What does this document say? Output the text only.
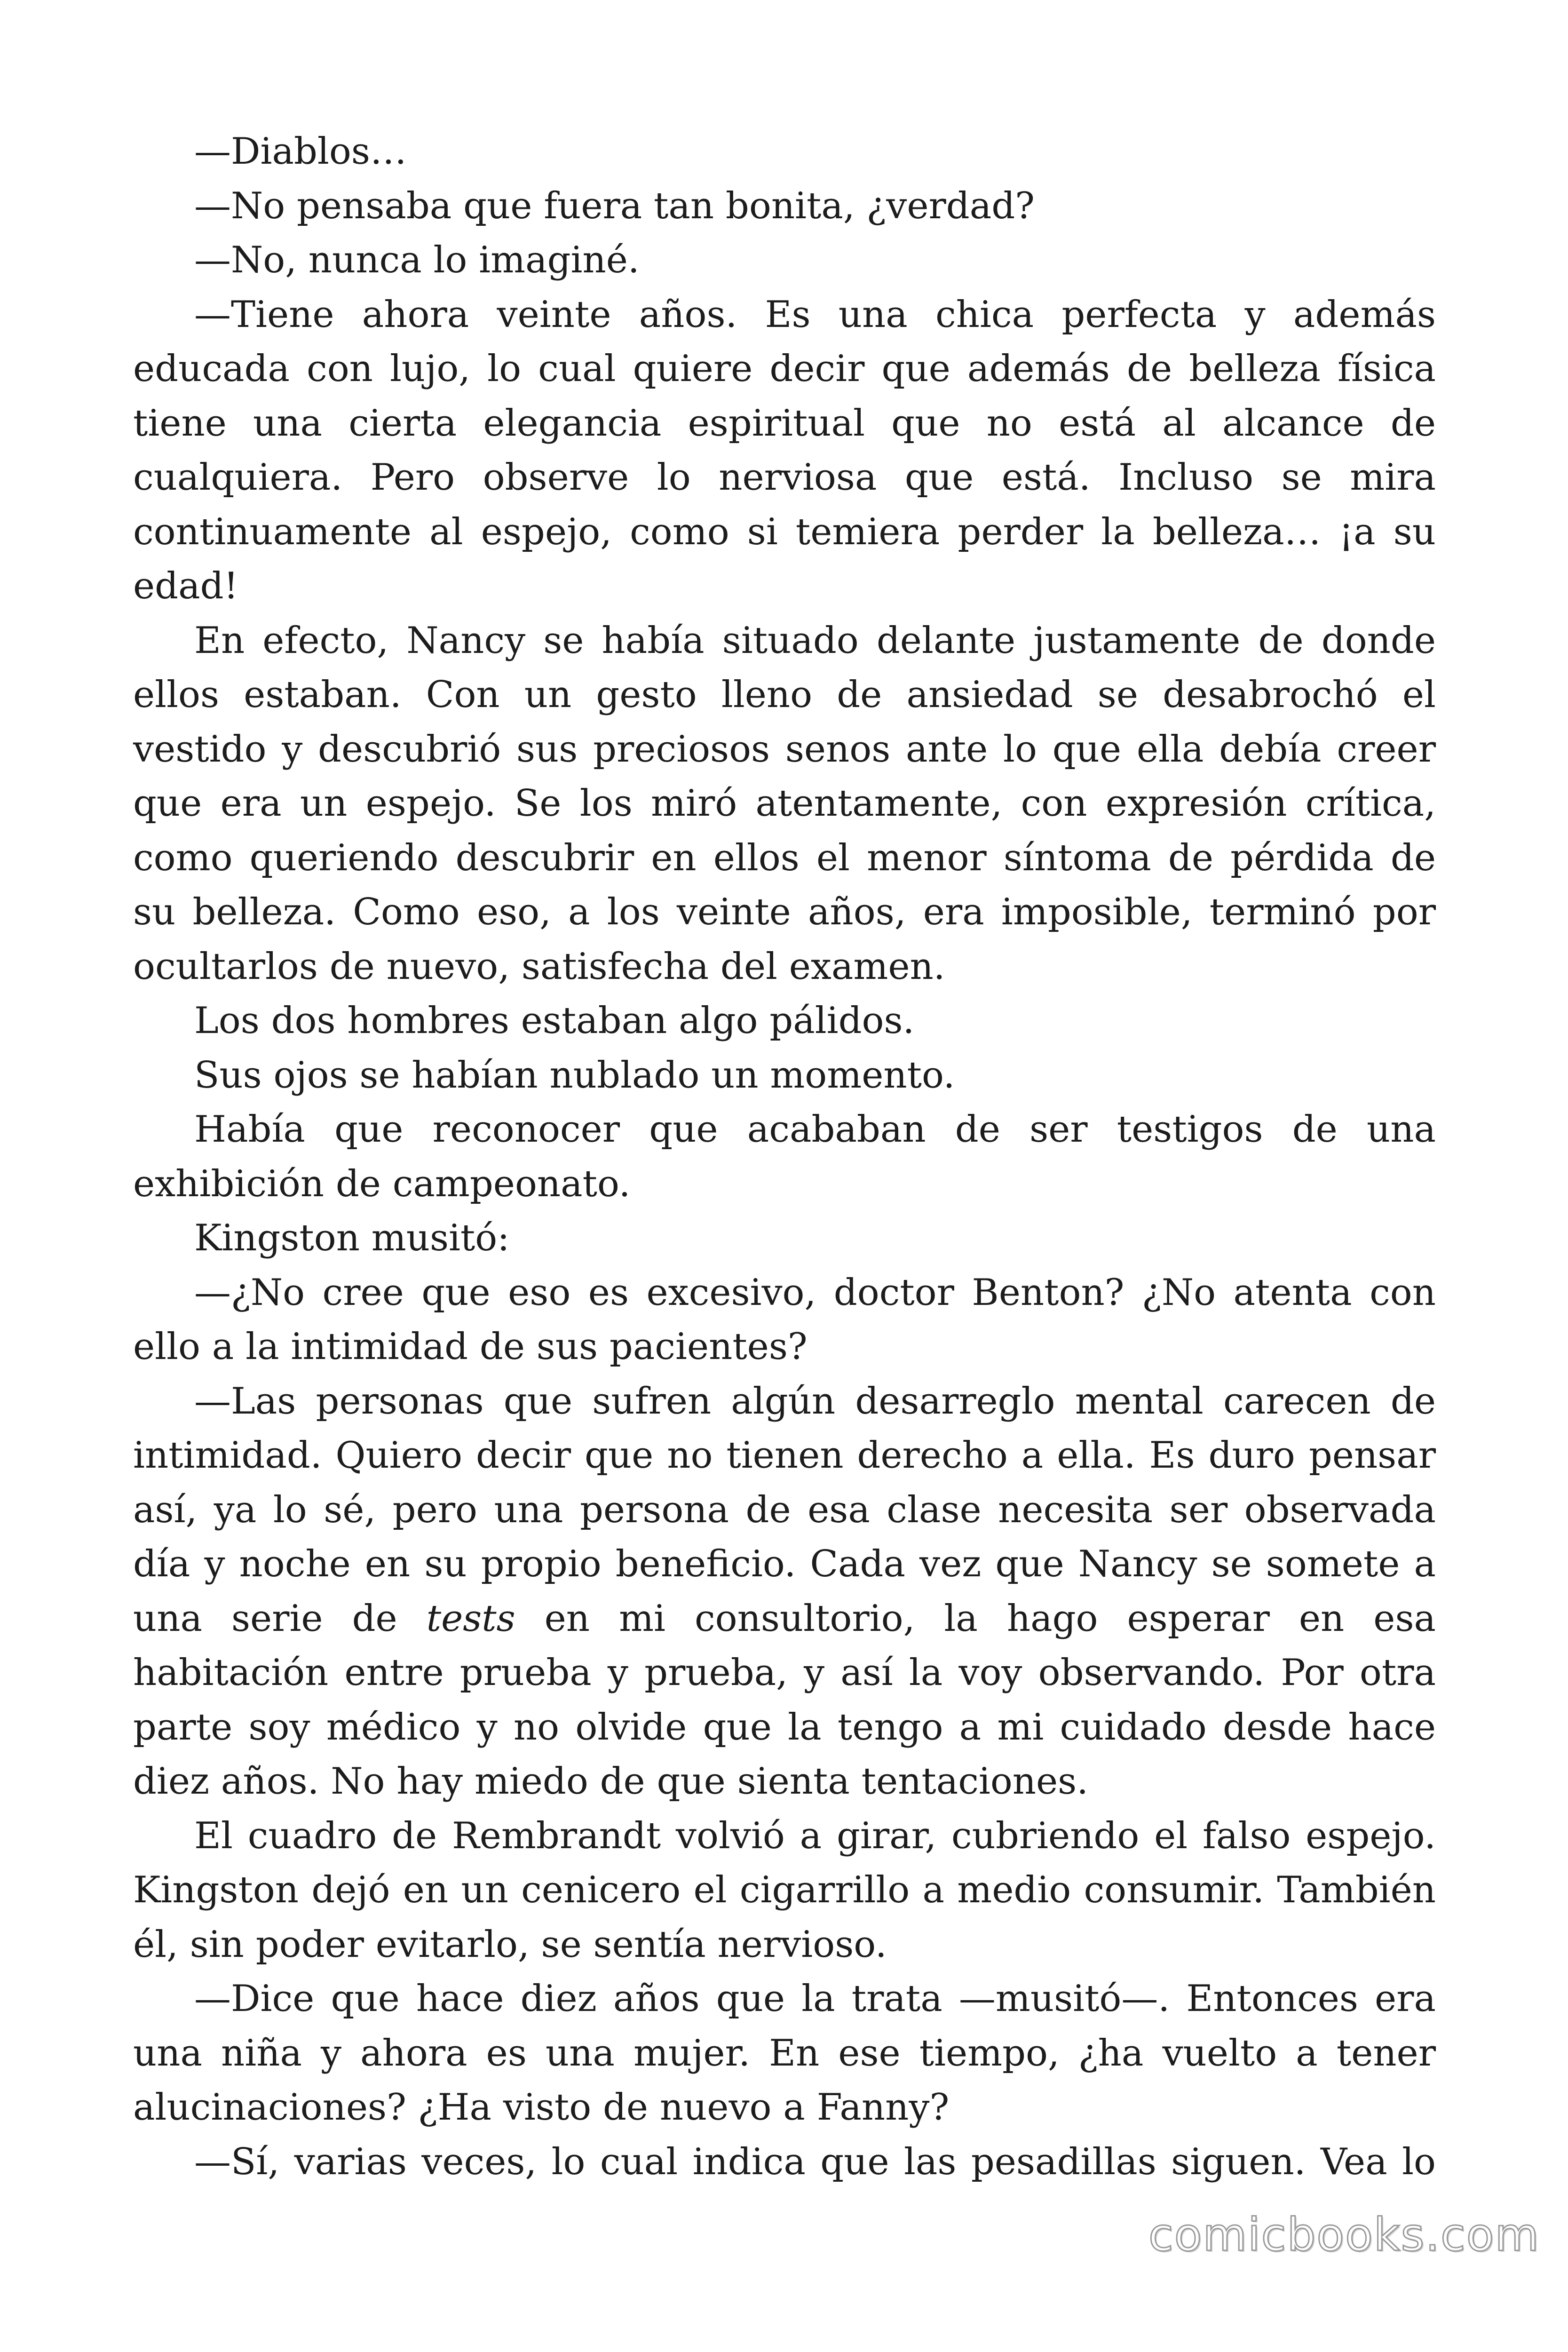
—Diablos…

—No pensaba que fuera tan bonita, ¿verdad?

—No, nunca lo imaginé.

—Tiene ahora veinte años. Es una chica perfecta y además educada con lujo, lo cual quiere decir que además de belleza física tiene una cierta elegancia espiritual que no está al alcance de cualquiera. Pero observe lo nerviosa que está. Incluso se mira continuamente al espejo, como si temiera perder la belleza… ¡a su edad!

En efecto, Nancy se había situado delante justamente de donde ellos estaban. Con un gesto lleno de ansiedad se desabrochó el vestido y descubrió sus preciosos senos ante lo que ella debía creer que era un espejo. Se los miró atentamente, con expresión crítica, como queriendo descubrir en ellos el menor síntoma de pérdida de su belleza. Como eso, a los veinte años, era imposible, terminó por ocultarlos de nuevo, satisfecha del examen.

Los dos hombres estaban algo pálidos.

Sus ojos se habían nublado un momento.

Había que reconocer que acababan de ser testigos de una exhibición de campeonato.

Kingston musitó:

—¿No cree que eso es excesivo, doctor Benton? ¿No atenta con ello a la intimidad de sus pacientes?

—Las personas que sufren algún desarreglo mental carecen de intimidad. Quiero decir que no tienen derecho a ella. Es duro pensar así, ya lo sé, pero una persona de esa clase necesita ser observada día y noche en su propio beneficio. Cada vez que Nancy se somete a una serie de tests en mi consultorio, la hago esperar en esa habitación entre prueba y prueba, y así la voy observando. Por otra parte soy médico y no olvide que la tengo a mi cuidado desde hace diez años. No hay miedo de que sienta tentaciones.

El cuadro de Rembrandt volvió a girar, cubriendo el falso espejo. Kingston dejó en un cenicero el cigarrillo a medio consumir. También él, sin poder evitarlo, se sentía nervioso.

—Dice que hace diez años que la trata —musitó—. Entonces era una niña y ahora es una mujer. En ese tiempo, ¿ha vuelto a tener alucinaciones? ¿Ha visto de nuevo a Fanny?

—Sí, varias veces, lo cual indica que las pesadillas siguen. Vea lo

comicbooks.com
